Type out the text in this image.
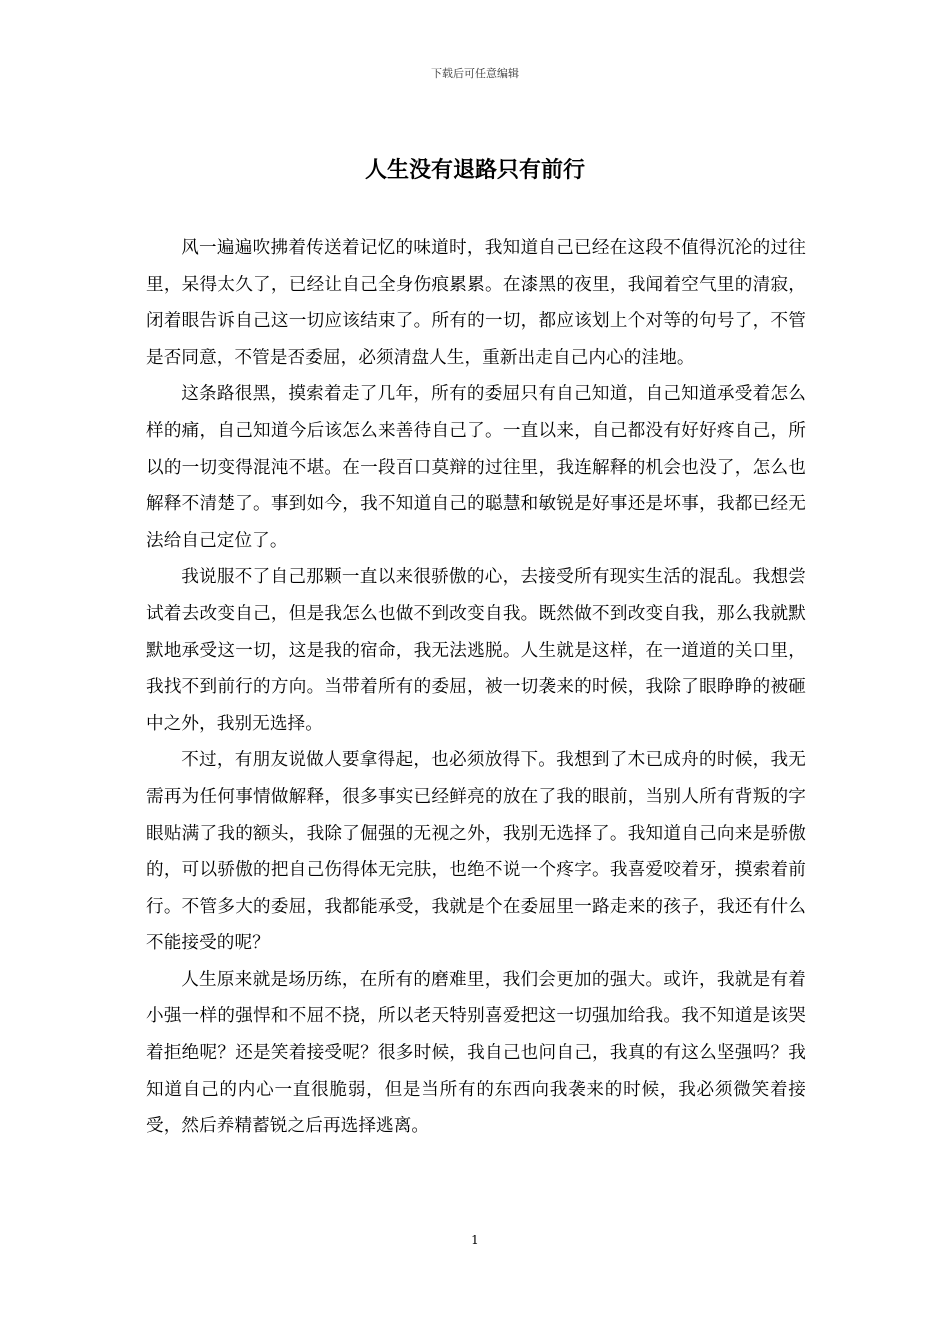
下载后可任意编辑
人生没有退路只有前行

风一遍遍吹拂着传送着记忆的味道时，我知道自己已经在这段不值得沉沦的过往里，呆得太久了，已经让自己全身伤痕累累。在漆黑的夜里，我闻着空气里的清寂，闭着眼告诉自己这一切应该结束了。所有的一切，都应该划上个对等的句号了，不管是否同意，不管是否委屈，必须清盘人生，重新出走自己内心的洼地。

这条路很黑，摸索着走了几年，所有的委屈只有自己知道，自己知道承受着怎么样的痛，自己知道今后该怎么来善待自己了。一直以来，自己都没有好好疼自己，所以的一切变得混沌不堪。在一段百口莫辩的过往里，我连解释的机会也没了，怎么也解释不清楚了。事到如今，我不知道自己的聪慧和敏锐是好事还是坏事，我都已经无法给自己定位了。

我说服不了自己那颗一直以来很骄傲的心，去接受所有现实生活的混乱。我想尝试着去改变自己，但是我怎么也做不到改变自我。既然做不到改变自我，那么我就默默地承受这一切，这是我的宿命，我无法逃脱。人生就是这样，在一道道的关口里，我找不到前行的方向。当带着所有的委屈，被一切袭来的时候，我除了眼睁睁的被砸中之外，我别无选择。

不过，有朋友说做人要拿得起，也必须放得下。我想到了木已成舟的时候，我无需再为任何事情做解释，很多事实已经鲜亮的放在了我的眼前，当别人所有背叛的字眼贴满了我的额头，我除了倔强的无视之外，我别无选择了。我知道自己向来是骄傲的，可以骄傲的把自己伤得体无完肤，也绝不说一个疼字。我喜爱咬着牙，摸索着前行。不管多大的委屈，我都能承受，我就是个在委屈里一路走来的孩子，我还有什么不能接受的呢？

人生原来就是场历练，在所有的磨难里，我们会更加的强大。或许，我就是有着小强一样的强悍和不屈不挠，所以老天特别喜爱把这一切强加给我。我不知道是该哭着拒绝呢？还是笑着接受呢？很多时候，我自己也问自己，我真的有这么坚强吗？我知道自己的内心一直很脆弱，但是当所有的东西向我袭来的时候，我必须微笑着接受，然后养精蓄锐之后再选择逃离。

1
